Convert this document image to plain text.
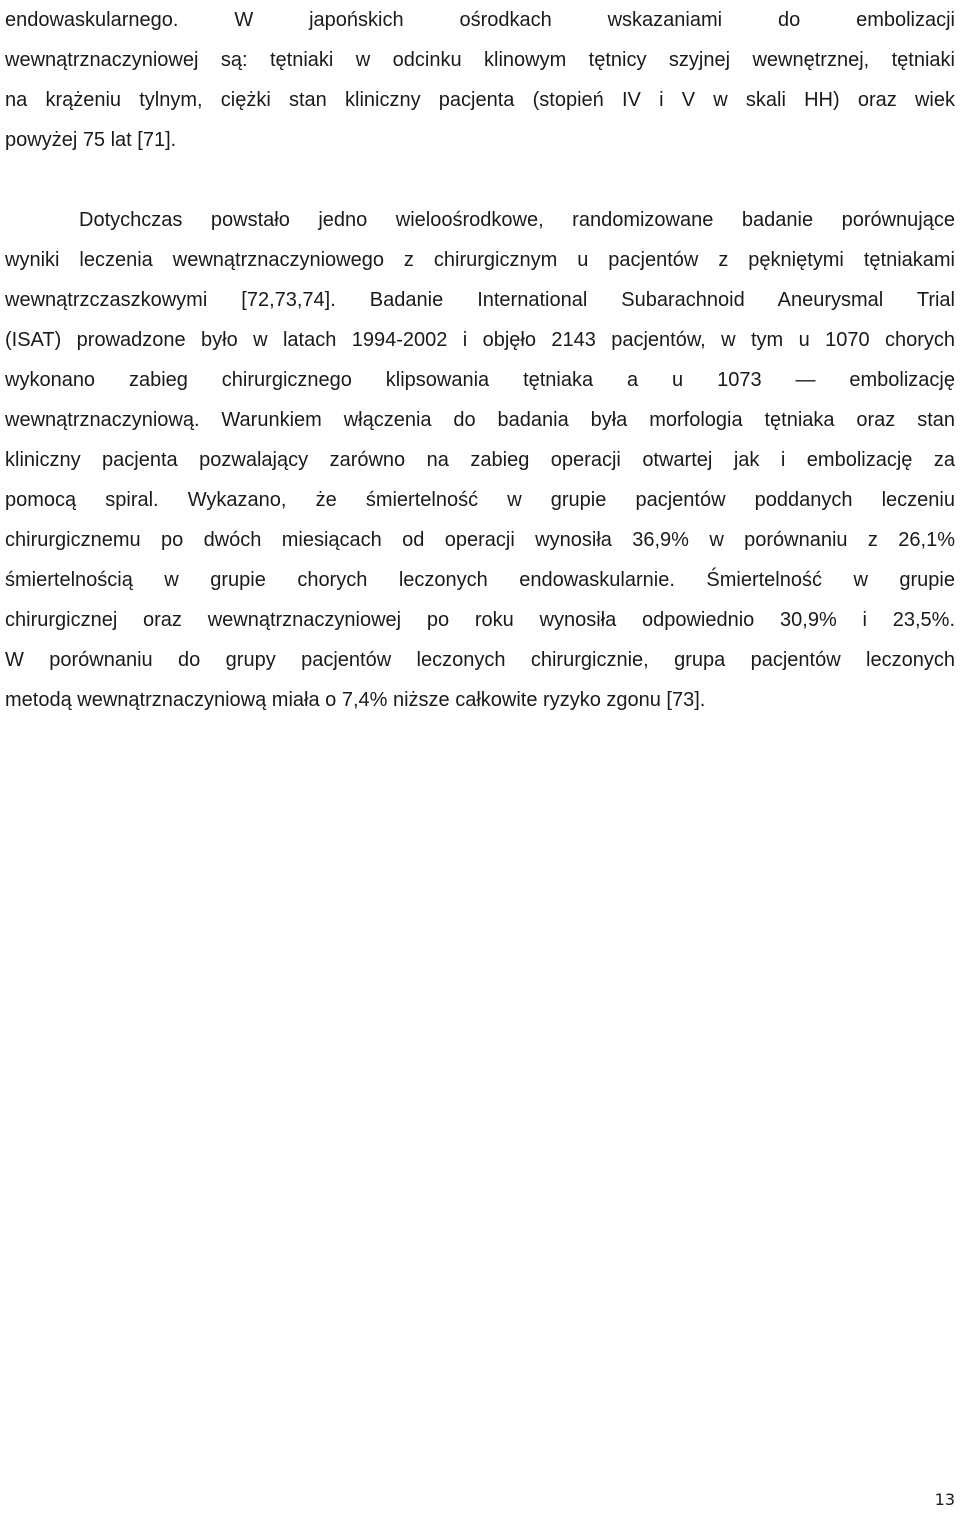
endowaskularnego. W japońskich ośrodkach wskazaniami do embolizacji
wewnątrznaczyniowej są: tętniaki w odcinku klinowym tętnicy szyjnej wewnętrznej, tętniaki
na krążeniu tylnym, ciężki stan kliniczny pacjenta (stopień IV i V w skali HH) oraz wiek
powyżej 75 lat [71].
Dotychczas powstało jedno wieloośrodkowe, randomizowane badanie porównujące
wyniki leczenia wewnątrznaczyniowego z chirurgicznym u pacjentów z pękniętymi tętniakami
wewnątrzczaszkowymi [72,73,74]. Badanie International Subarachnoid Aneurysmal Trial
(ISAT) prowadzone było w latach 1994-2002 i objęło 2143 pacjentów, w tym u 1070 chorych
wykonano zabieg chirurgicznego klipsowania tętniaka a u 1073 — embolizację
wewnątrznaczyniową. Warunkiem włączenia do badania była morfologia tętniaka oraz stan
kliniczny pacjenta pozwalający zarówno na zabieg operacji otwartej jak i embolizację za
pomocą spiral. Wykazano, że śmiertelność w grupie pacjentów poddanych leczeniu
chirurgicznemu po dwóch miesiącach od operacji wynosiła 36,9% w porównaniu z 26,1%
śmiertelnością w grupie chorych leczonych endowaskularnie. Śmiertelność w grupie
chirurgicznej oraz wewnątrznaczyniowej po roku wynosiła odpowiednio 30,9% i 23,5%.
W porównaniu do grupy pacjentów leczonych chirurgicznie, grupa pacjentów leczonych
metodą wewnątrznaczyniową miała o 7,4% niższe całkowite ryzyko zgonu [73].
13
